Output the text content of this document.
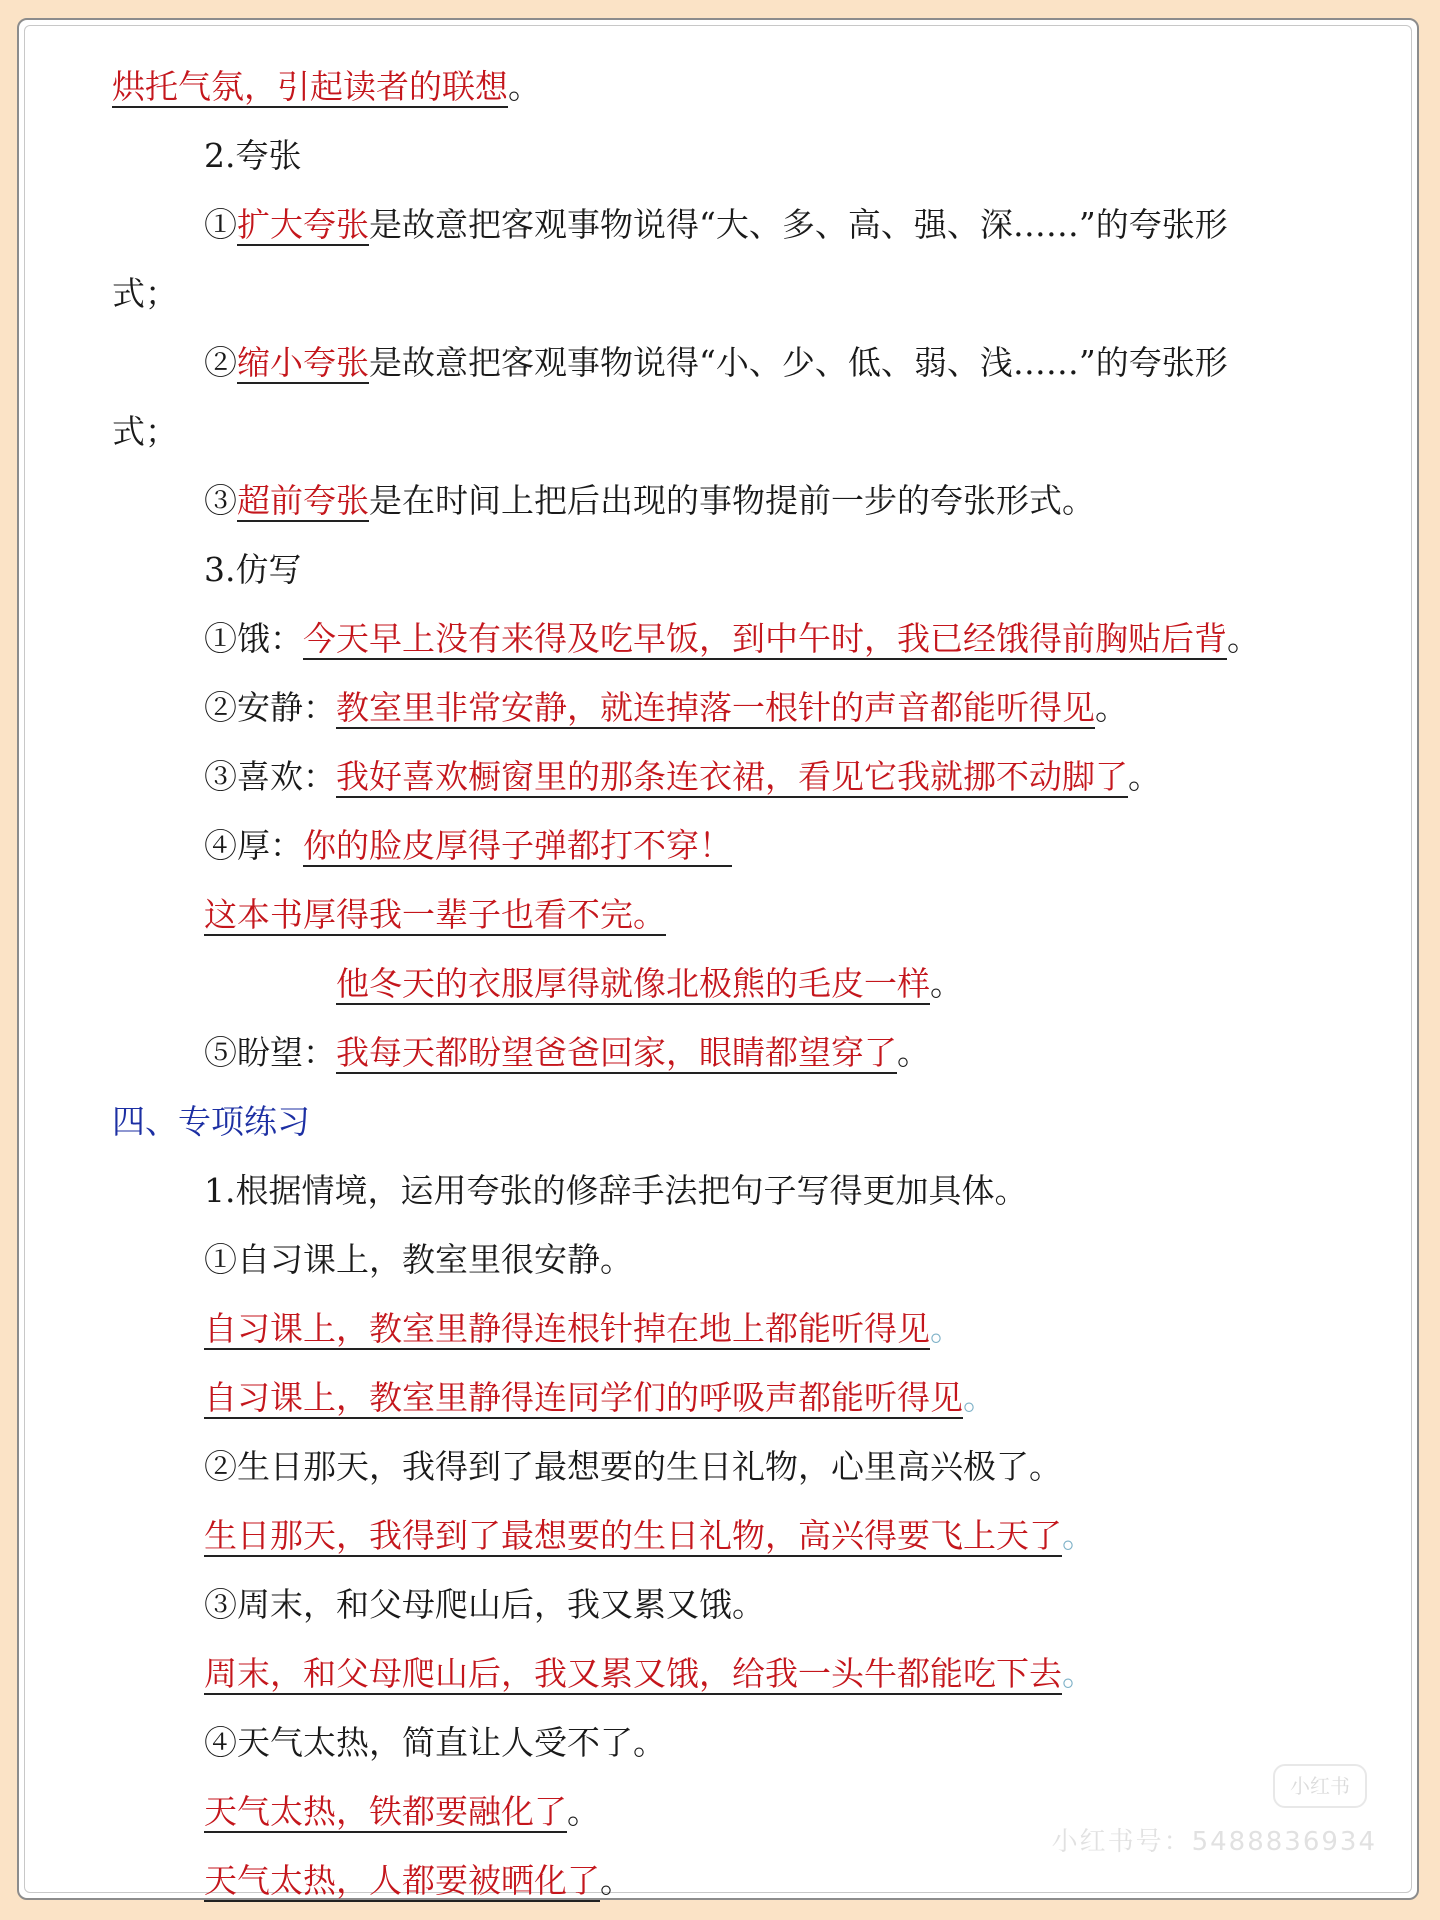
烘托气氛，引起读者的联想。
2.夸张
①扩大夸张是故意把客观事物说得“大、多、高、强、深……”的夸张形
式；
②缩小夸张是故意把客观事物说得“小、少、低、弱、浅……”的夸张形
式；
③超前夸张是在时间上把后出现的事物提前一步的夸张形式。
3.仿写
①饿：今天早上没有来得及吃早饭，到中午时，我已经饿得前胸贴后背。
②安静：教室里非常安静，就连掉落一根针的声音都能听得见。
③喜欢：我好喜欢橱窗里的那条连衣裙，看见它我就挪不动脚了。
④厚：你的脸皮厚得子弹都打不穿！
这本书厚得我一辈子也看不完。
他冬天的衣服厚得就像北极熊的毛皮一样。
⑤盼望：我每天都盼望爸爸回家，眼睛都望穿了。
四、专项练习
1.根据情境，运用夸张的修辞手法把句子写得更加具体。
①自习课上，教室里很安静。
自习课上，教室里静得连根针掉在地上都能听得见。
自习课上，教室里静得连同学们的呼吸声都能听得见。
②生日那天，我得到了最想要的生日礼物，心里高兴极了。
生日那天，我得到了最想要的生日礼物，高兴得要飞上天了。
③周末，和父母爬山后，我又累又饿。
周末，和父母爬山后，我又累又饿，给我一头牛都能吃下去。
④天气太热，简直让人受不了。
天气太热，铁都要融化了。
天气太热，人都要被晒化了。
小红书
小红书号：5488836934
